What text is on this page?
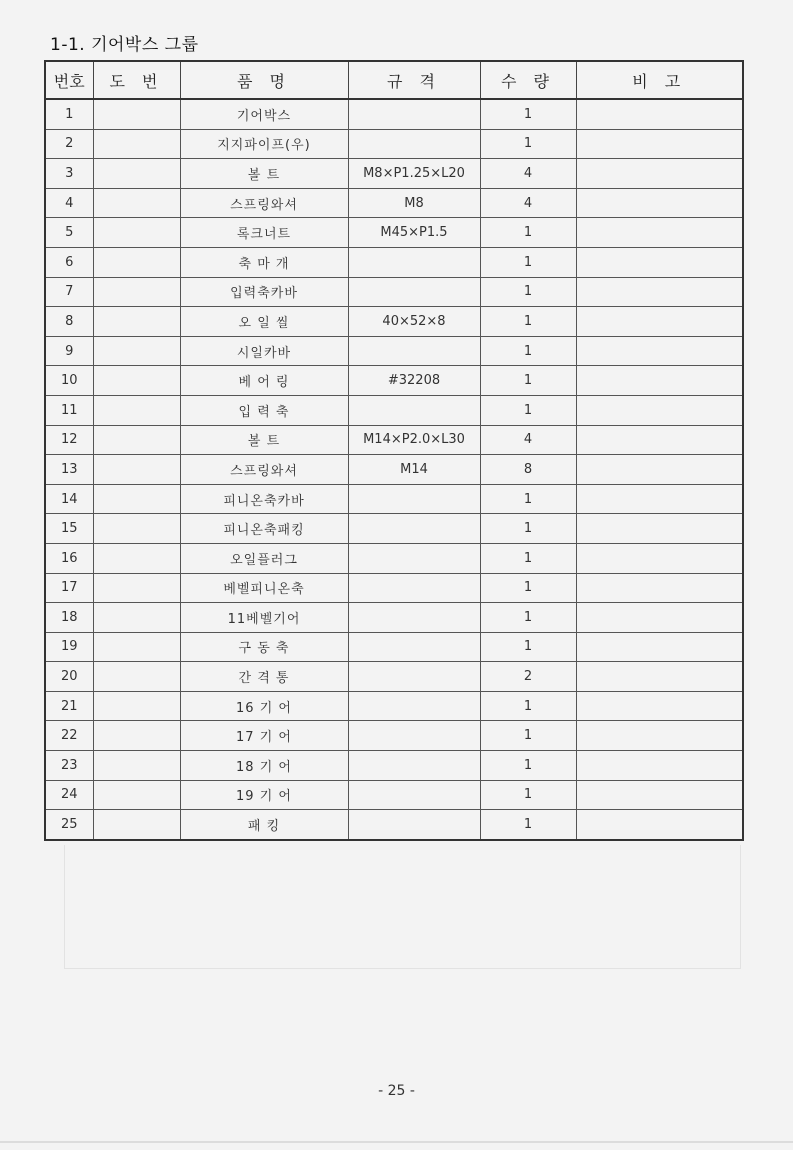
1-1. 기어박스 그룹
번호	도 번	품 명	규 격	수 량	비 고
1		기어박스		1	
2		지지파이프(우)		1	
3		볼 트	M8×P1.25×L20	4	
4		스프링와셔	M8	4	
5		록크너트	M45×P1.5	1	
6		축 마 개		1	
7		입력축카바		1	
8		오 일 씰	40×52×8	1	
9		시일카바		1	
10		베 어 링	#32208	1	
11		입 력 축		1	
12		볼 트	M14×P2.0×L30	4	
13		스프링와셔	M14	8	
14		피니온축카바		1	
15		피니온축패킹		1	
16		오일플러그		1	
17		베벨피니온축		1	
18		11베벨기어		1	
19		구 동 축		1	
20		간 격 통		2	
21		16 기 어		1	
22		17 기 어		1	
23		18 기 어		1	
24		19 기 어		1	
25		패 킹		1	
- 25 -
